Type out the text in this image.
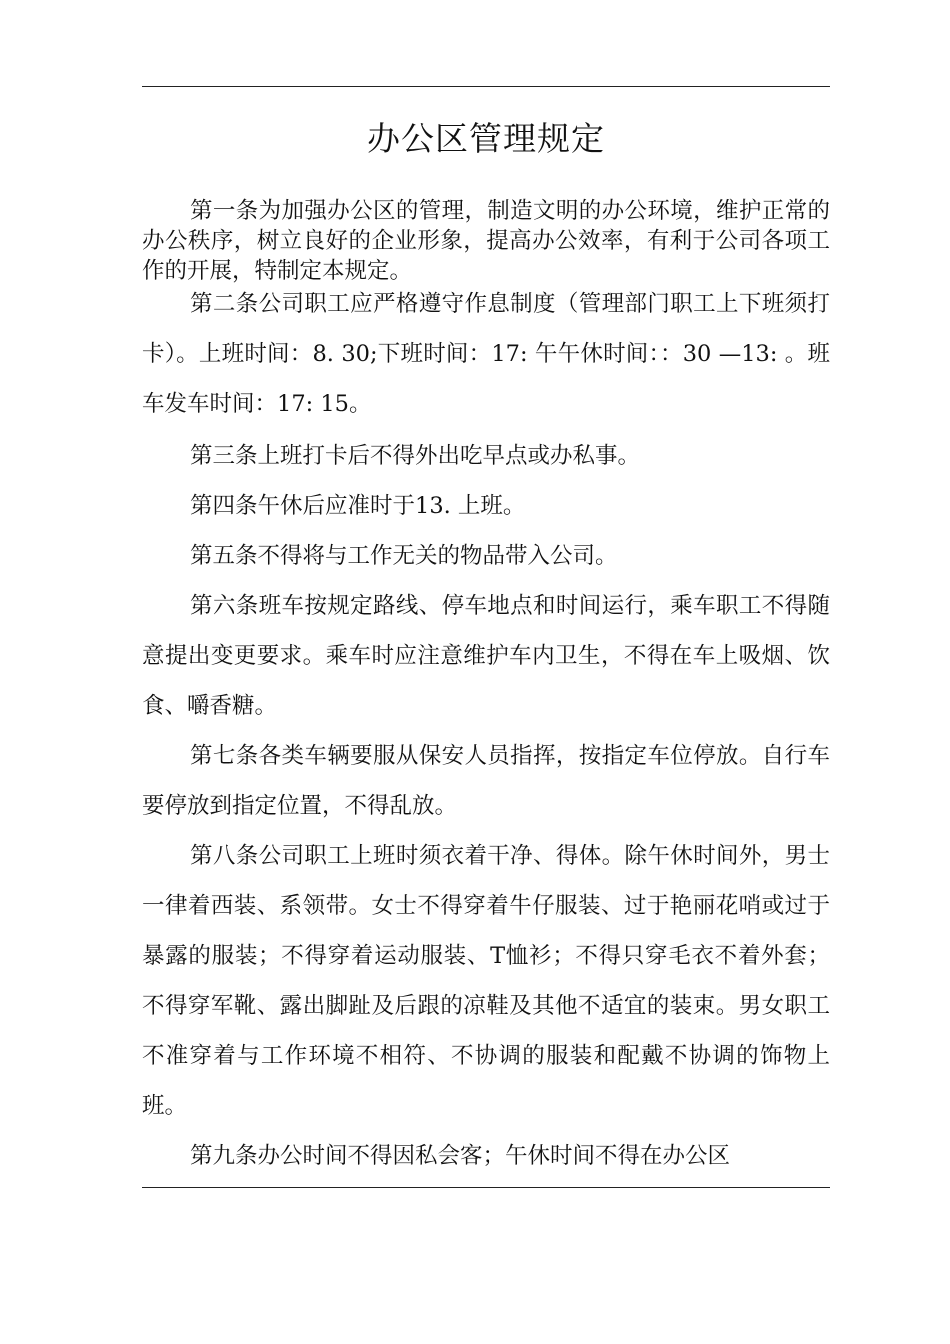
办公区管理规定

第一条为加强办公区的管理，制造文明的办公环境，维护正常的办公秩序，树立良好的企业形象，提高办公效率，有利于公司各项工作的开展，特制定本规定。

第二条公司职工应严格遵守作息制度（管理部门职工上下班须打卡）。上班时间：8. 30;下班时间：17: 午午休时间：：30 —13: 。班车发车时间：17: 15。

第三条上班打卡后不得外出吃早点或办私事。

第四条午休后应准时于13. 上班。

第五条不得将与工作无关的物品带入公司。

第六条班车按规定路线、停车地点和时间运行，乘车职工不得随意提出变更要求。乘车时应注意维护车内卫生，不得在车上吸烟、饮食、嚼香糖。

第七条各类车辆要服从保安人员指挥，按指定车位停放。自行车要停放到指定位置，不得乱放。

第八条公司职工上班时须衣着干净、得体。除午休时间外，男士一律着西装、系领带。女士不得穿着牛仔服装、过于艳丽花哨或过于暴露的服装；不得穿着运动服装、T恤衫；不得只穿毛衣不着外套；不得穿军靴、露出脚趾及后跟的凉鞋及其他不适宜的装束。男女职工不准穿着与工作环境不相符、不协调的服装和配戴不协调的饰物上班。

第九条办公时间不得因私会客；午休时间不得在办公区
